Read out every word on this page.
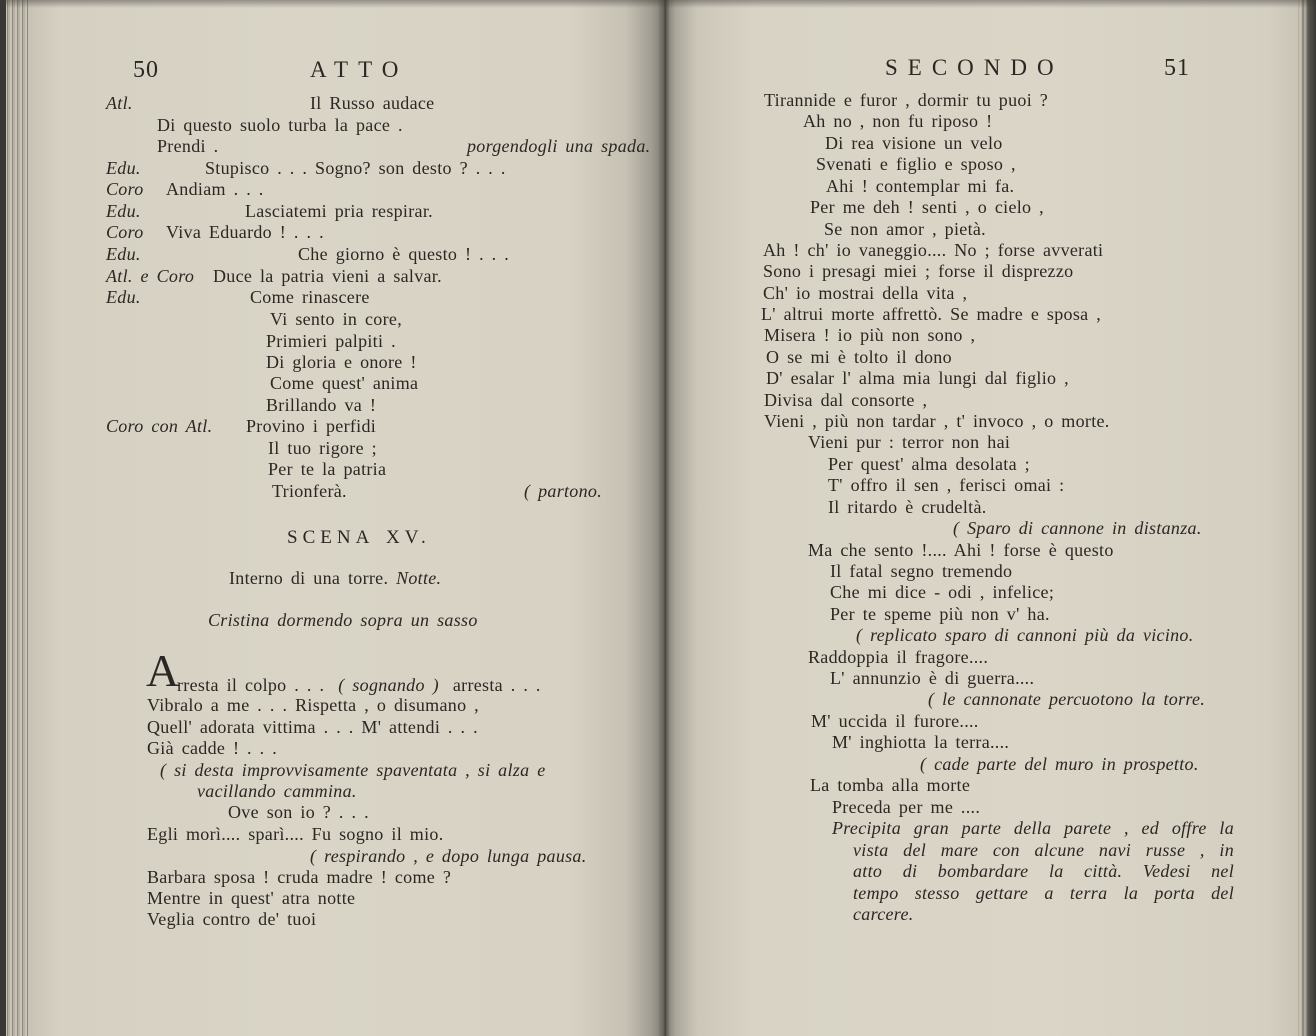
50	ATTO
Atl.	Il Russo audace
Di questo suolo turba la pace .
Prendi .	porgendogli una spada.
Edu.	Stupisco . . . Sogno? son desto ? . . .
Coro Andiam . . .
Edu.	Lasciatemi pria respirar.
Coro Viva Eduardo ! . . .
Edu.	Che giorno è questo ! . . .
Atl. e Coro Duce la patria vieni a salvar.
Edu.	Come rinascere
Vi sento in core,
Primieri palpiti .
Di gloria e onore !
Come quest' anima
Brillando va !
Coro con Atl. Provino i perfidi
Il tuo rigore ;
Per te la patria
Trionferà.	( partono.
SCENA XV.
Interno di una torre. Notte.
Cristina dormendo sopra un sasso
A
rresta il colpo . . . ( sognando ) arresta . . .
Vibralo a me . . . Rispetta , o disumano ,
Quell' adorata vittima . . . M' attendi . . .
Già cadde ! . . .
( si desta improvvisamente spaventata , si alza e
vacillando cammina.
Ove son io ? . . .
Egli morì.... sparì.... Fu sogno il mio.
( respirando , e dopo lunga pausa.
Barbara sposa ! cruda madre ! come ?
Mentre in quest' atra notte
Veglia contro de' tuoi
SECONDO	51
Tirannide e furor , dormir tu puoi ?
Ah no , non fu riposo !
Di rea visione un velo
Svenati e figlio e sposo ,
Ahi ! contemplar mi fa.
Per me deh ! senti , o cielo ,
Se non amor , pietà.
Ah ! ch' io vaneggio.... No ; forse avverati
Sono i presagi miei ; forse il disprezzo
Ch' io mostrai della vita ,
L' altrui morte affrettò. Se madre e sposa ,
Misera ! io più non sono ,
O se mi è tolto il dono
D' esalar l' alma mia lungi dal figlio ,
Divisa dal consorte ,
Vieni , più non tardar , t' invoco , o morte.
Vieni pur : terror non hai
Per quest' alma desolata ;
T' offro il sen , ferisci omai :
Il ritardo è crudeltà.
( Sparo di cannone in distanza.
Ma che sento !.... Ahi ! forse è questo
Il fatal segno tremendo
Che mi dice - odi , infelice;
Per te speme più non v' ha.
( replicato sparo di cannoni più da vicino.
Raddoppia il fragore....
L' annunzio è di guerra....
( le cannonate percuotono la torre.
M' uccida il furore....
M' inghiotta la terra....
( cade parte del muro in prospetto.
La tomba alla morte
Preceda per me ....
Precipita gran parte della parete , ed offre la
vista del mare con alcune navi russe , in
atto di bombardare la città. Vedesi nel
tempo stesso gettare a terra la porta del
carcere.
